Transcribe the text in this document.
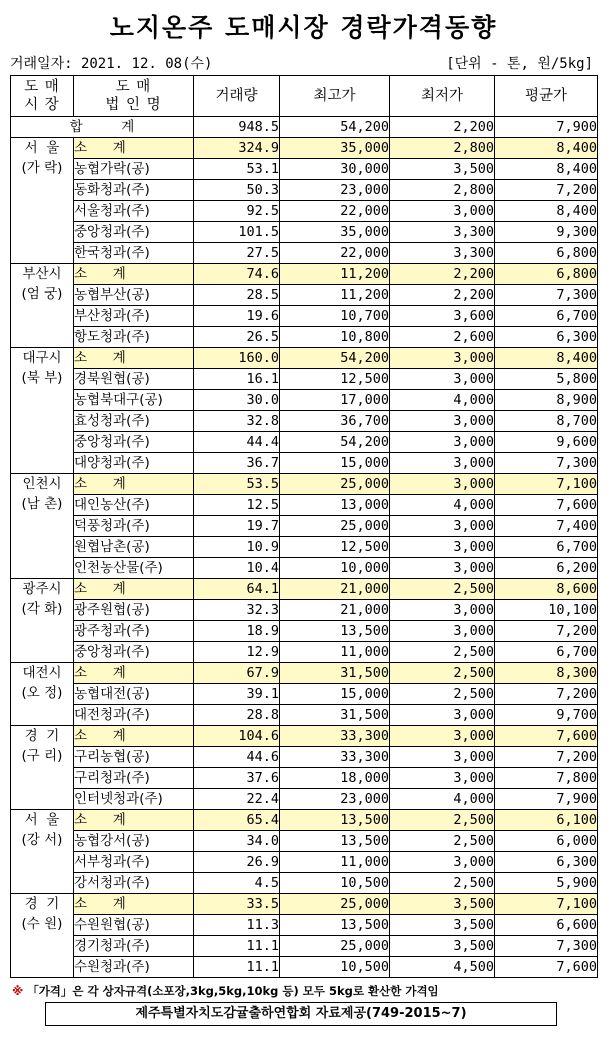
노지온주 도매시장 경락가격동향
거래일자: 2021. 12. 08(수)	[단위 - 톤, 원/5kg]
도 매
시 장	도 매
법 인 명	거래량	최고가	최저가	평균가
합         계		948.5	54,200	2,200	7,900

서  울
(가 락)	소      계	324.9	35,000	2,800	8,400
	농협가락(공)	53.1	30,000	3,500	8,400
	동화청과(주)	50.3	23,000	2,800	7,200
	서울청과(주)	92.5	22,000	3,000	8,400
	중앙청과(주)	101.5	35,000	3,300	9,300
	한국청과(주)	27.5	22,000	3,300	6,800

부산시
(엄 궁)	소      계	74.6	11,200	2,200	6,800
	농협부산(공)	28.5	11,200	2,200	7,300
	부산청과(주)	19.6	10,700	3,600	6,700
	항도청과(주)	26.5	10,800	2,600	6,300

대구시
(북 부)	소      계	160.0	54,200	3,000	8,400
	경북원협(공)	16.1	12,500	3,000	5,800
	농협북대구(공)	30.0	17,000	4,000	8,900
	효성청과(주)	32.8	36,700	3,000	8,700
	중앙청과(주)	44.4	54,200	3,000	9,600
	대양청과(주)	36.7	15,000	3,000	7,300

인천시
(남 촌)	소      계	53.5	25,000	3,000	7,100
	대인농산(주)	12.5	13,000	4,000	7,600
	덕풍청과(주)	19.7	25,000	3,000	7,400
	원협남촌(공)	10.9	12,500	3,000	6,700
	인천농산물(주)	10.4	10,000	3,000	6,200

광주시
(각 화)	소      계	64.1	21,000	2,500	8,600
	광주원협(공)	32.3	21,000	3,000	10,100
	광주청과(주)	18.9	13,500	3,000	7,200
	중앙청과(주)	12.9	11,000	2,500	6,700

대전시
(오 정)	소      계	67.9	31,500	2,500	8,300
	농협대전(공)	39.1	15,000	2,500	7,200
	대전청과(주)	28.8	31,500	3,000	9,700

경  기
(구 리)	소      계	104.6	33,300	3,000	7,600
	구리농협(공)	44.6	33,300	3,000	7,200
	구리청과(주)	37.6	18,000	3,000	7,800
	인터넷청과(주)	22.4	23,000	4,000	7,900

서  울
(강 서)	소      계	65.4	13,500	2,500	6,100
	농협강서(공)	34.0	13,500	2,500	6,000
	서부청과(주)	26.9	11,000	3,000	6,300
	강서청과(주)	4.5	10,500	2,500	5,900

경  기
(수 원)	소      계	33.5	25,000	3,500	7,100
	수원원협(공)	11.3	13,500	3,500	6,600
	경기청과(주)	11.1	25,000	3,500	7,300
	수원청과(주)	11.1	10,500	4,500	7,600
※ 「가격」은 각 상자규격(소포장,3kg,5kg,10kg 등) 모두 5kg로 환산한 가격임
제주특별자치도감귤출하연합회 자료제공(749-2015~7)
